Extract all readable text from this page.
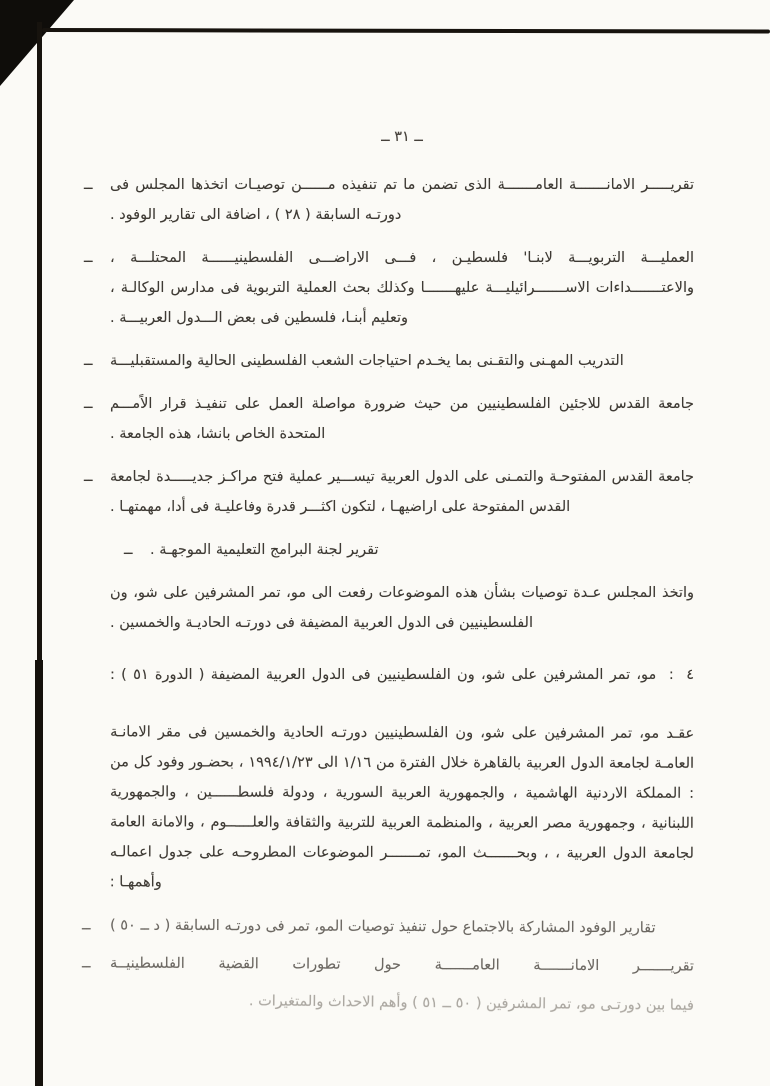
ــ ٣١ ــ
ــ تقريـــــر الامانـــــــة العامـــــــة الذى تضمن ما تم تنفيذه مــــــن توصيـات اتخذها المجلس فى دورتـه السابقة ( ٢٨ ) ، اضافة الى تقارير الوفود .
ــ العمليـــة التربويـــة لابنـا' فلسطيـن ، فـــى الاراضـــى الفلسطينيــــــة المحتلـــة ، والاعتـــــــداءات الاســـــــرائيليـــة عليهـــــــا وكذلك بحث العملية التربوية فى مدارس الوكالـة ، وتعليم أبنـا، فلسطين فى بعض الـــدول العربيـــة .
ــ التدريب المهـنى والتقـنى بما يخـدم احتياجات الشعب الفلسطينى الحالية والمستقبليـــة
ــ جامعة القدس للاجئين الفلسطينيين من حيث ضرورة مواصلة العمل على تنفيـذ قرار الاًمـــم المتحدة الخاص بانشا، هذه الجامعة .
ــ جامعة القدس المفتوحـة والتمـنى على الدول العربية تيســـير عملية فتح مراكـز جديـــــدة لجامعة القدس المفتوحة على اراضيهـا ، لتكون اكثـــر قدرة وفاعليـة فى أدا، مهمتهـا .
ــ تقرير لجنة البرامج التعليمية الموجهـة .
واتخذ المجلس عـدة توصيات بشأن هذه الموضوعات رفعت الى مو، تمر المشرفين على شو، ون الفلسطينيين فى الدول العربية المضيفة فى دورتـه الحاديـة والخمسين .
٤  :  مو، تمر المشرفين على شو، ون الفلسطينيين فى الدول العربية المضيفة ( الدورة ٥١ ) :
عقـد مو، تمر المشرفين على شو، ون الفلسطينيين دورتـه الحادية والخمسين فى مقر الامانـة العامـة لجامعة الدول العربية بالقاهرة خلال الفترة من ١/١٦ الى ١٩٩٤/١/٢٣ ، بحضـور وفود كل من : المملكة الاردنية الهاشمية ، والجمهورية العربية السورية ، ودولة فلسطــــــين ، والجمهورية اللبنانية ، وجمهورية مصر العربية ، والمنظمة العربية للتربية والثقافة والعلــــــوم ، والامانة العامة لجامعة الدول العربية ، ، وبحـــــــث المو، تمـــــــر الموضوعات المطروحـه على جدول اعمالـه وأهمهـا :
ــ تقارير الوفود المشاركة بالاجتماع حول تنفيذ توصيات المو، تمر فى دورتـه السابقة ( د ــ ٥٠ )
ــ تقريـــــــر الامانـــــــة العامـــــــة حول تطورات القضية الفلسطينيــة
فيما بين دورتـى مو، تمر المشرفين ( ٥٠ ــ ٥١ ) وأهم الاحداث والمتغيرات .
